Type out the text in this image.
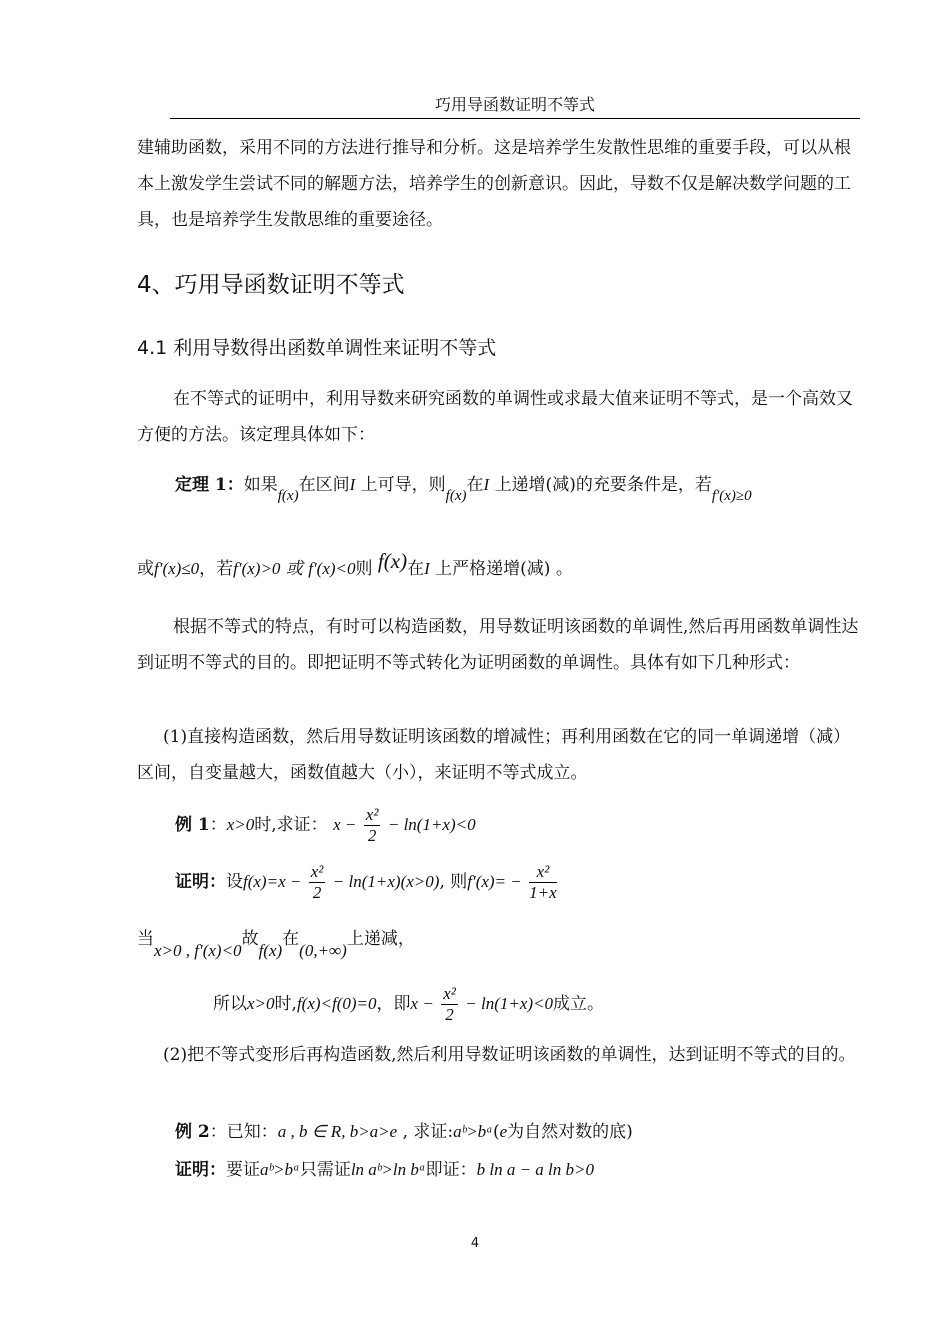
巧用导函数证明不等式
建辅助函数，采用不同的方法进行推导和分析。这是培养学生发散性思维的重要手段，可以从根本上激发学生尝试不同的解题方法，培养学生的创新意识。因此，导数不仅是解决数学问题的工具，也是培养学生发散思维的重要途径。
4、巧用导函数证明不等式
4.1 利用导数得出函数单调性来证明不等式
在不等式的证明中，利用导数来研究函数的单调性或求最大值来证明不等式，是一个高效又方便的方法。该定理具体如下：
定理 1：如果f(x)在区间I 上可导，则f(x)在I 上递增(减)的充要条件是，若f′(x)≥0
或f′(x)≤0，若f′(x)>0 或 f′(x)<0则 f(x)在I 上严格递增(减) 。
根据不等式的特点，有时可以构造函数，用导数证明该函数的单调性,然后再用函数单调性达到证明不等式的目的。即把证明不等式转化为证明函数的单调性。具体有如下几种形式：
(1)直接构造函数，然后用导数证明该函数的增减性；再利用函数在它的同一单调递增（减）区间，自变量越大，函数值越大（小），来证明不等式成立。
例 1：x>0时,求证： $x - \frac{\text{x²}}{2} - \ln(1+x)<0$
证明：设$f(x)=x - \frac{\text{x²}}{2} - \ln(1+x)(x>0)$, 则$f'(x)= - \frac{\text{x²}}{1+x}$
当x>0 , f′(x)<0故f(x)在(0,+∞)上递减，
所以x>0时,f(x)<f(0)=0，即$x - \frac{\text{x²}}{2} - \ln(1+x)<0$成立。
(2)把不等式变形后再构造函数,然后利用导数证明该函数的单调性，达到证明不等式的目的。
例 2：已知：a , b ∈ R, b>a>e , 求证:aᵇ>bᵃ(e为自然对数的底)
证明：要证aᵇ>bᵃ只需证ln aᵇ>ln bᵃ即证：b ln a − a ln b>0
4
